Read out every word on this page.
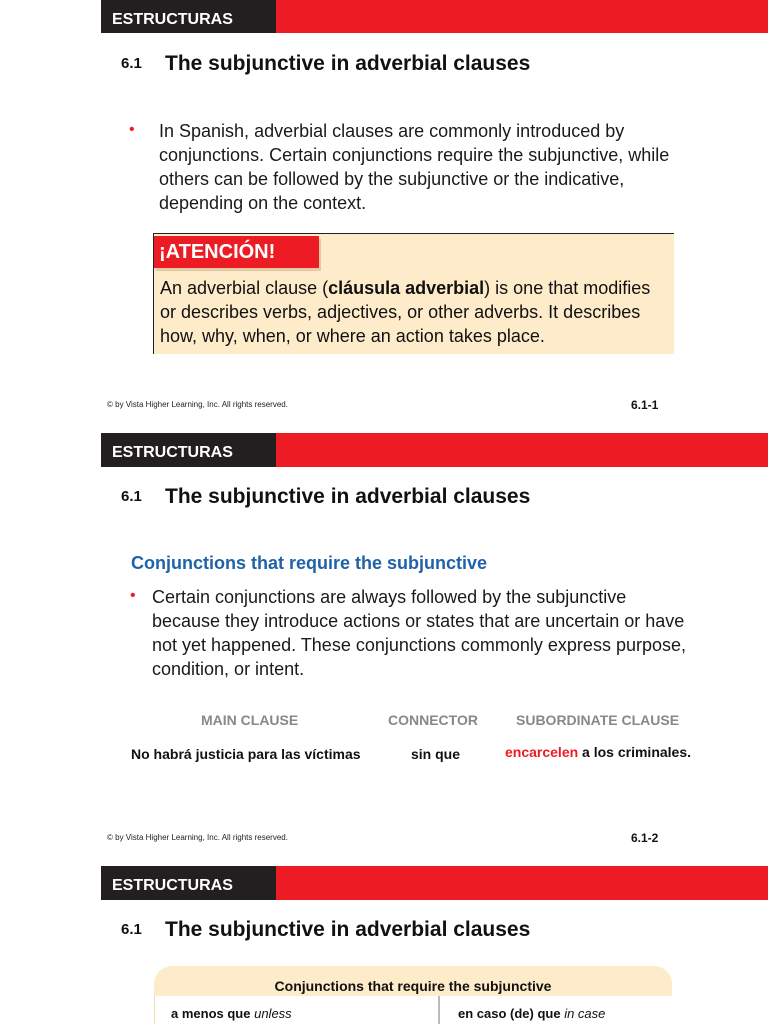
ESTRUCTURAS
6.1 The subjunctive in adverbial clauses
• In Spanish, adverbial clauses are commonly introduced by conjunctions. Certain conjunctions require the subjunctive, while others can be followed by the subjunctive or the indicative, depending on the context.
¡ATENCIÓN!
An adverbial clause (cláusula adverbial) is one that modifies or describes verbs, adjectives, or other adverbs. It describes how, why, when, or where an action takes place.
© by Vista Higher Learning, Inc. All rights reserved.	6.1-1
ESTRUCTURAS
6.1 The subjunctive in adverbial clauses
Conjunctions that require the subjunctive
• Certain conjunctions are always followed by the subjunctive because they introduce actions or states that are uncertain or have not yet happened. These conjunctions commonly express purpose, condition, or intent.
MAIN CLAUSE	CONNECTOR	SUBORDINATE CLAUSE
No habrá justicia para las víctimas	sin que	encarcelen a los criminales.
© by Vista Higher Learning, Inc. All rights reserved.	6.1-2
ESTRUCTURAS
6.1 The subjunctive in adverbial clauses
Conjunctions that require the subjunctive
a menos que unless	en caso (de) que in case
